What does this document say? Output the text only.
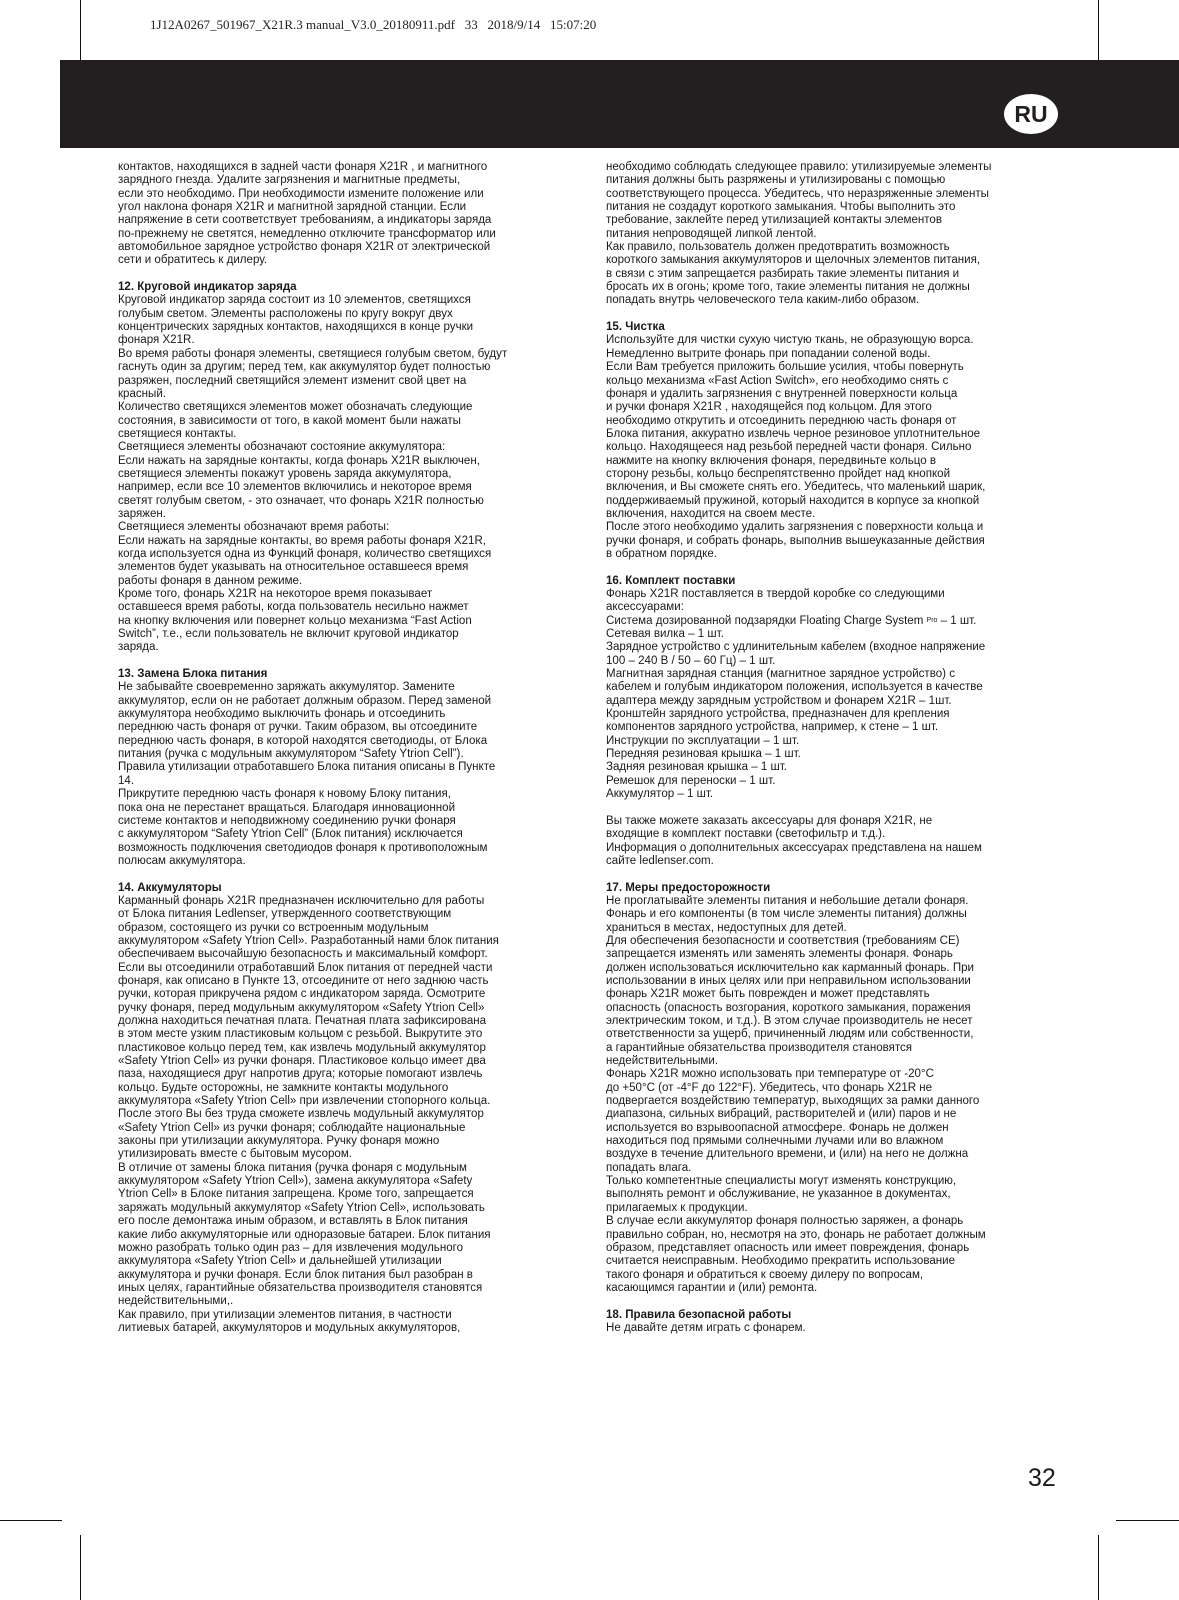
1J12A0267_501967_X21R.3 manual_V3.0_20180911.pdf   33   2018/9/14   15:07:20
RU

контактов, находящихся в задней части фонаря X21R , и магнитного

зарядного гнезда. Удалите загрязнения и магнитные предметы,

если это необходимо. При необходимости измените положение или

угол наклона фонаря X21R и магнитной зарядной станции. Если

напряжение в сети соответствует требованиям, а индикаторы заряда

по-прежнему не светятся, немедленно отключите трансформатор или

автомобильное зарядное устройство фонаря X21R от электрической

сети и обратитесь к дилеру.

12. Круговой индикатор заряда

Круговой индикатор заряда состоит из 10 элементов, светящихся

голубым светом. Элементы расположены по кругу вокруг двух

концентрических зарядных контактов, находящихся в конце ручки

фонаря X21R.

Во время работы фонаря элементы, светящиеся голубым светом, будут

гаснуть один за другим; перед тем, как аккумулятор будет полностью

разряжен, последний светящийся элемент изменит свой цвет на

красный.

Количество светящихся элементов может обозначать следующие

состояния, в зависимости от того, в какой момент были нажаты

светящиеся контакты.

Светящиеся элементы обозначают состояние аккумулятора:

Если нажать на зарядные контакты, когда фонарь X21R выключен,

светящиеся элементы покажут уровень заряда аккумулятора,

например, если все 10 элементов включились и некоторое время

светят голубым светом, - это означает, что фонарь X21R полностью

заряжен.

Светящиеся элементы обозначают время работы:

Если нажать на зарядные контакты, во время работы фонаря X21R,

когда используется одна из Функций фонаря, количество светящихся

элементов будет указывать на относительное оставшееся время

работы фонаря в данном режиме.

Кроме того, фонарь X21R на некоторое время показывает

оставшееся время работы, когда пользователь несильно нажмет

на кнопку включения или повернет кольцо механизма “Fast Action

Switch”, т.е., если пользователь не включит круговой индикатор

заряда.

13. Замена Блока питания

Не забывайте своевременно заряжать аккумулятор. Замените

аккумулятор, если он не работает должным образом. Перед заменой

аккумулятора необходимо выключить фонарь и отсоединить

переднюю часть фонаря от ручки. Таким образом, вы отсоедините

переднюю часть фонаря, в которой находятся светодиоды, от Блока

питания (ручка с модульным аккумулятором “Safety Ytrion Cell”).

Правила утилизации отработавшего Блока питания описаны в Пункте

14.

Прикрутите переднюю часть фонаря к новому Блоку питания,

пока она не перестанет вращаться. Благодаря инновационной

системе контактов и неподвижному соединению ручки фонаря

с аккумулятором “Safety Ytrion Cell” (Блок питания) исключается

возможность подключения светодиодов фонаря к противоположным

полюсам аккумулятора.

14. Аккумуляторы

Карманный фонарь X21R предназначен исключительно для работы

от Блока питания Ledlenser, утвержденного соответствующим

образом, состоящего из ручки со встроенным модульным

аккумулятором «Safety Ytrion Cell». Разработанный нами блок питания

обеспечиваем высочайшую безопасность и максимальный комфорт.

Если вы отсоединили отработавший Блок питания от передней части

фонаря, как описано в Пункте 13, отсоедините от него заднюю часть

ручки, которая прикручена рядом с индикатором заряда. Осмотрите

ручку фонаря, перед модульным аккумулятором «Safety Ytrion Cell»

должна находиться печатная плата. Печатная плата зафиксирована

в этом месте узким пластиковым кольцом с резьбой. Выкрутите это

пластиковое кольцо перед тем, как извлечь модульный аккумулятор

«Safety Ytrion Cell» из ручки фонаря. Пластиковое кольцо имеет два

паза, находящиеся друг напротив друга; которые помогают извлечь

кольцо. Будьте осторожны, не замкните контакты модульного

аккумулятора «Safety Ytrion Cell» при извлечении стопорного кольца.

После этого Вы без труда сможете извлечь модульный аккумулятор

«Safety Ytrion Cell» из ручки фонаря; соблюдайте национальные

законы при утилизации аккумулятора. Ручку фонаря можно

утилизировать вместе с бытовым мусором.

В отличие от замены блока питания (ручка фонаря с модульным

аккумулятором «Safety Ytrion Cell»), замена аккумулятора «Safety

Ytrion Cell» в Блоке питания запрещена. Кроме того, запрещается

заряжать модульный аккумулятор «Safety Ytrion Cell», использовать

его после демонтажа иным образом, и вставлять в Блок питания

какие либо аккумуляторные или одноразовые батареи. Блок питания

можно разобрать только один раз – для извлечения модульного

аккумулятора «Safety Ytrion Cell» и дальнейшей утилизации

аккумулятора и ручки фонаря. Если блок питания был разобран в

иных целях, гарантийные обязательства производителя становятся

недействительными,.

Как правило, при утилизации элементов питания, в частности

литиевых батарей, аккумуляторов и модульных аккумуляторов,

необходимо соблюдать следующее правило: утилизируемые элементы

питания должны быть разряжены и утилизированы с помощью

соответствующего процесса. Убедитесь, что неразряженные элементы

питания не создадут короткого замыкания. Чтобы выполнить это

требование, заклейте перед утилизацией контакты элементов

питания непроводящей липкой лентой.

Как правило, пользователь должен предотвратить возможность

короткого замыкания аккумуляторов и щелочных элементов питания,

в связи с этим запрещается разбирать такие элементы питания и

бросать их в огонь; кроме того, такие элементы питания не должны

попадать внутрь человеческого тела каким-либо образом.

15. Чистка

Используйте для чистки сухую чистую ткань, не образующую ворса.

Немедленно вытрите фонарь при попадании соленой воды.

Если Вам требуется приложить большие усилия, чтобы повернуть

кольцо механизма «Fast Action Switch», его необходимо снять с

фонаря и удалить загрязнения с внутренней поверхности кольца

и ручки фонаря X21R , находящейся под кольцом. Для этого

необходимо открутить и отсоединить переднюю часть фонаря от

Блока питания, аккуратно извлечь черное резиновое уплотнительное

кольцо. Находящееся над резьбой передней части фонаря. Сильно

нажмите на кнопку включения фонаря, передвиньте кольцо в

сторону резьбы, кольцо беспрепятственно пройдет над кнопкой

включения, и Вы сможете снять его. Убедитесь, что маленький шарик,

поддерживаемый пружиной, который находится в корпусе за кнопкой

включения, находится на своем месте.

После этого необходимо удалить загрязнения с поверхности кольца и

ручки фонаря, и собрать фонарь, выполнив вышеуказанные действия

в обратном порядке.

16. Комплект поставки

Фонарь X21R поставляется в твердой коробке со следующими

аксессуарами:

Система дозированной подзарядки Floating Charge System $^{Pro}$ – 1 шт.

Сетевая вилка – 1 шт.

Зарядное устройство с удлинительным кабелем (входное напряжение

100 – 240 В / 50 – 60 Гц) – 1 шт.

Магнитная зарядная станция (магнитное зарядное устройство) с

кабелем и голубым индикатором положения, используется в качестве

адаптера между зарядным устройством и фонарем X21R – 1шт.

Кронштейн зарядного устройства, предназначен для крепления

компонентов зарядного устройства, например, к стене – 1 шт.

Инструкции по эксплуатации – 1 шт.

Передняя резиновая крышка – 1 шт.

Задняя резиновая крышка – 1 шт.

Ремешок для переноски – 1 шт.

Аккумулятор – 1 шт.

Вы также можете заказать аксессуары для фонаря X21R, не

входящие в комплект поставки (светофильтр и т.д.).

Информация о дополнительных аксессуарах представлена на нашем

сайте ledlenser.com.

17. Меры предосторожности

Не проглатывайте элементы питания и небольшие детали фонаря.

Фонарь и его компоненты (в том числе элементы питания) должны

храниться в местах, недоступных для детей.

Для обеспечения безопасности и соответствия (требованиям CE)

запрещается изменять или заменять элементы фонаря. Фонарь

должен использоваться исключительно как карманный фонарь. При

использовании в иных целях или при неправильном использовании

фонарь X21R может быть поврежден и может представлять

опасность (опасность возгорания, короткого замыкания, поражения

электрическим током, и т.д.). В этом случае производитель не несет

ответственности за ущерб, причиненный людям или собственности,

а гарантийные обязательства производителя становятся

недействительными.

Фонарь X21R можно использовать при температуре от -20°C

до +50°C (от -4°F до 122°F). Убедитесь, что фонарь X21R не

подвергается воздействию температур, выходящих за рамки данного

диапазона, сильных вибраций, растворителей и (или) паров и не

используется во взрывоопасной атмосфере. Фонарь не должен

находиться под прямыми солнечными лучами или во влажном

воздухе в течение длительного времени, и (или) на него не должна

попадать влага.

Только компетентные специалисты могут изменять конструкцию,

выполнять ремонт и обслуживание, не указанное в документах,

прилагаемых к продукции.

В случае если аккумулятор фонаря полностью заряжен, а фонарь

правильно собран, но, несмотря на это, фонарь не работает должным

образом, представляет опасность или имеет повреждения, фонарь

считается неисправным. Необходимо прекратить использование

такого фонаря и обратиться к своему дилеру по вопросам,

касающимся гарантии и (или) ремонта.

18. Правила безопасной работы

Не давайте детям играть с фонарем.

32
